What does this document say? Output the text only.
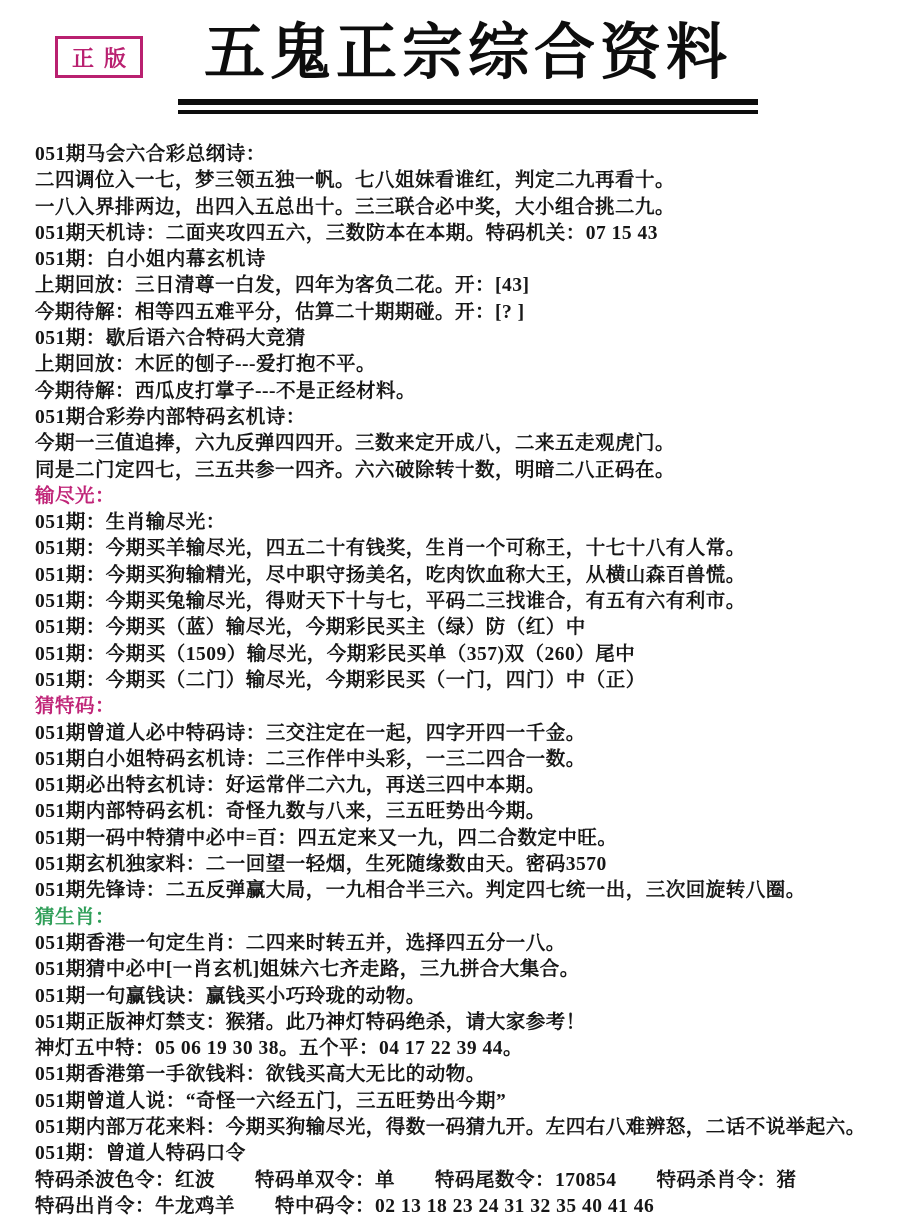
正版	五鬼正宗综合资料
051期马会六合彩总纲诗：
二四调位入一七，梦三领五独一帆。七八姐妹看谁红，判定二九再看十。
一八入界排两边，出四入五总出十。三三联合必中奖，大小组合挑二九。
051期天机诗：二面夹攻四五六，三数防本在本期。特码机关：07 15 43
051期：白小姐内幕玄机诗
上期回放：三日清尊一白发，四年为客负二花。开：[43]
今期待解：相等四五难平分，估算二十期期碰。开：[? ]
051期：歇后语六合特码大竞猜
上期回放：木匠的刨子---爱打抱不平。
今期待解：西瓜皮打掌子---不是正经材料。
051期合彩券内部特码玄机诗：
今期一三值追捧，六九反弹四四开。三数来定开成八，二来五走观虎门。
同是二门定四七，三五共参一四齐。六六破除转十数，明暗二八正码在。
输尽光：
051期：生肖输尽光：
051期：今期买羊输尽光，四五二十有钱奖，生肖一个可称王，十七十八有人常。
051期：今期买狗输精光，尽中职守扬美名，吃肉饮血称大王，从横山森百兽慌。
051期：今期买兔输尽光，得财天下十与七，平码二三找谁合，有五有六有利市。
051期：今期买（蓝）输尽光，今期彩民买主（绿）防（红）中
051期：今期买（1509）输尽光，今期彩民买单（357)双（260）尾中
051期：今期买（二门）输尽光，今期彩民买（一门，四门）中（正）
猜特码：
051期曾道人必中特码诗：三交注定在一起，四字开四一千金。
051期白小姐特码玄机诗：二三作伴中头彩，一三二四合一数。
051期必出特玄机诗：好运常伴二六九，再送三四中本期。
051期内部特码玄机：奇怪九数与八来，三五旺势出今期。
051期一码中特猜中必中=百：四五定来又一九，四二合数定中旺。
051期玄机独家料：二一回望一轻烟，生死随缘数由天。密码3570
051期先锋诗：二五反弹赢大局，一九相合半三六。判定四七统一出，三次回旋转八圈。
猜生肖：
051期香港一句定生肖：二四来时转五并，选择四五分一八。
051期猜中必中[一肖玄机]姐妹六七齐走路，三九拼合大集合。
051期一句赢钱诀：赢钱买小巧玲珑的动物。
051期正版神灯禁支：猴猪。此乃神灯特码绝杀，请大家参考！
神灯五中特：05 06 19 30 38。五个平：04 17 22 39 44。
051期香港第一手欲钱料：欲钱买高大无比的动物。
051期曾道人说：“奇怪一六经五门，三五旺势出今期”
051期内部万花来料：今期买狗输尽光，得数一码猜九开。左四右八难辨怒，二话不说举起六。
051期：曾道人特码口令
特码杀波色令：红波　　特码单双令：单　　特码尾数令：170854　　特码杀肖令：猪
特码出肖令：牛龙鸡羊　　特中码令：02 13 18 23 24 31 32 35 40 41 46
